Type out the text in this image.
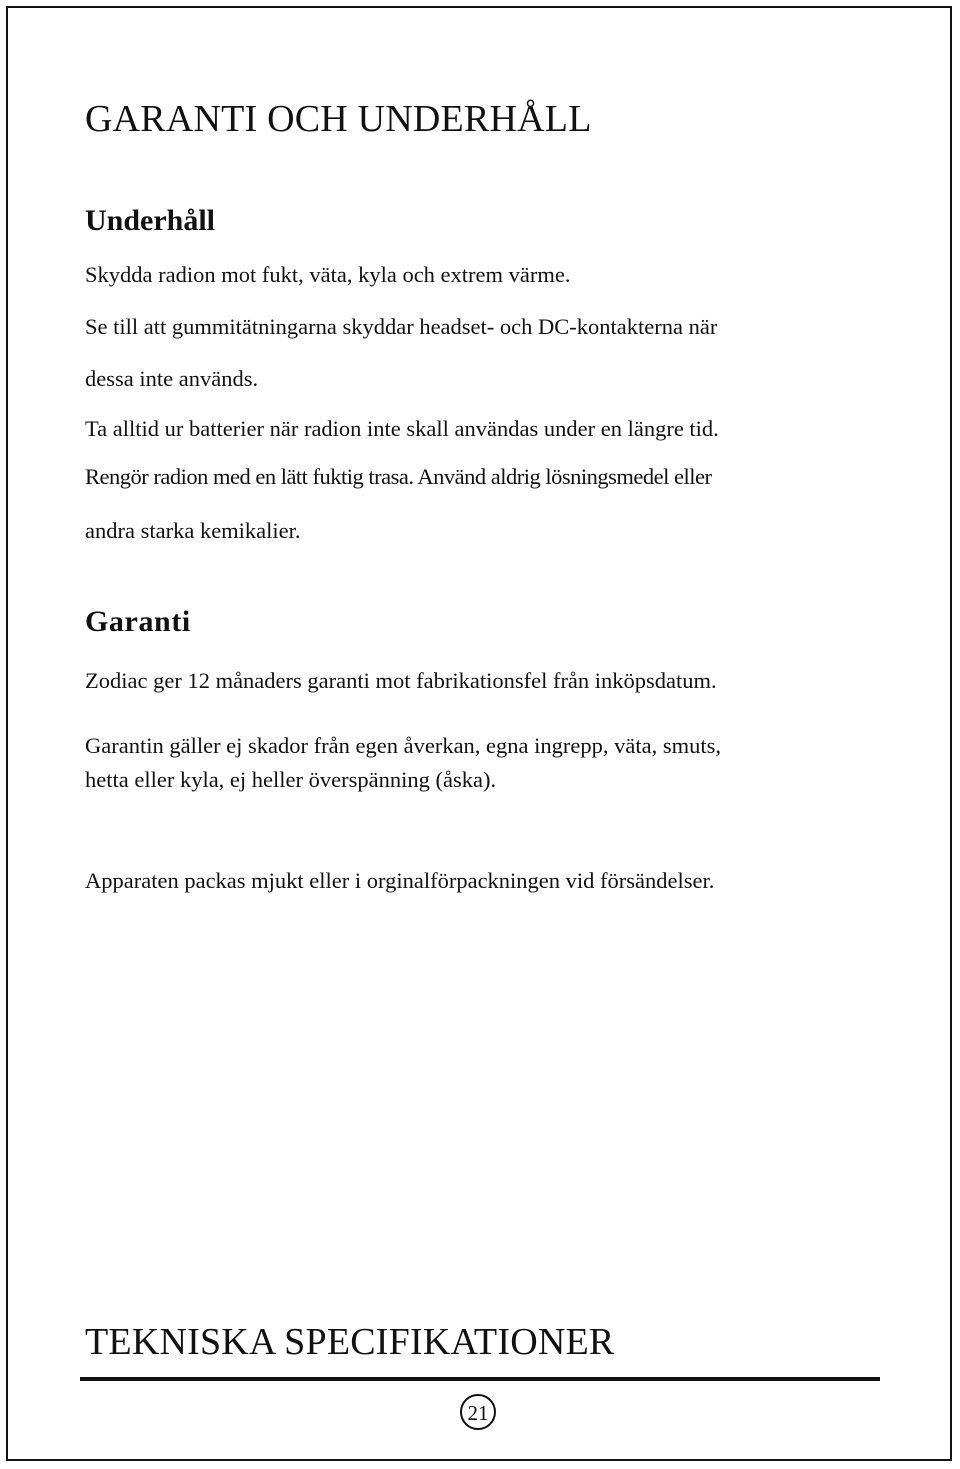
GARANTI OCH UNDERHÅLL
Underhåll
Skydda radion mot fukt, väta, kyla och extrem värme.
Se till att gummitätningarna skyddar headset- och DC-kontakterna när
dessa inte används.
Ta alltid ur batterier när radion inte skall användas under en längre tid.
Rengör radion med en lätt fuktig trasa. Använd aldrig lösningsmedel eller
andra starka kemikalier.
Garanti
Zodiac ger 12 månaders garanti mot fabrikationsfel från inköpsdatum.
Garantin gäller ej skador från egen åverkan, egna ingrepp, väta, smuts,
hetta eller kyla, ej heller överspänning (åska).
Apparaten packas mjukt eller i orginalförpackningen vid försändelser.
TEKNISKA SPECIFIKATIONER
21
